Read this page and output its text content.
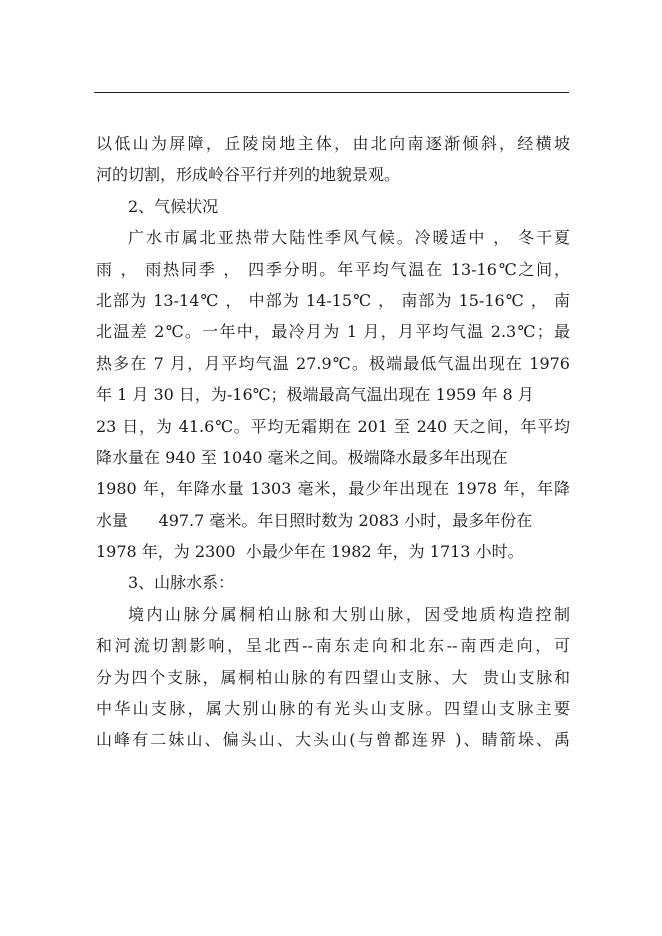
以低山为屏障，丘陵岗地主体，由北向南逐渐倾斜，经横坡
河的切割，形成岭谷平行并列的地貌景观。
2、气候状况
广水市属北亚热带大陆性季风气候。冷暖适中 ， 冬干夏
雨 ， 雨热同季 ， 四季分明。年平均气温在 13-16℃之间，
北部为 13-14℃ ， 中部为 14-15℃ ， 南部为 15-16℃ ， 南
北温差 2℃。一年中，最冷月为 1 月，月平均气温 2.3℃；最
热多在 7 月，月平均气温 27.9℃。极端最低气温出现在 1976
年 1 月 30 日，为-16℃；极端最高气温出现在 1959 年 8 月
23 日，为 41.6℃。平均无霜期在 201 至 240 天之间，年平均
降水量在 940 至 1040 毫米之间。极端降水最多年出现在
1980 年，年降水量 1303 毫米，最少年出现在 1978 年，年降
水量      497.7 毫米。年日照时数为 2083 小时，最多年份在
1978 年，为 2300  小最少年在 1982 年，为 1713 小时。
3、山脉水系：
境内山脉分属桐柏山脉和大别山脉，因受地质构造控制
和河流切割影响，呈北西--南东走向和北东--南西走向，可
分为四个支脉，属桐柏山脉的有四望山支脉、大  贵山支脉和
中华山支脉，属大别山脉的有光头山支脉。四望山支脉主要
山峰有二妹山、偏头山、大头山(与曾都连界 )、睛箭垛、禹
